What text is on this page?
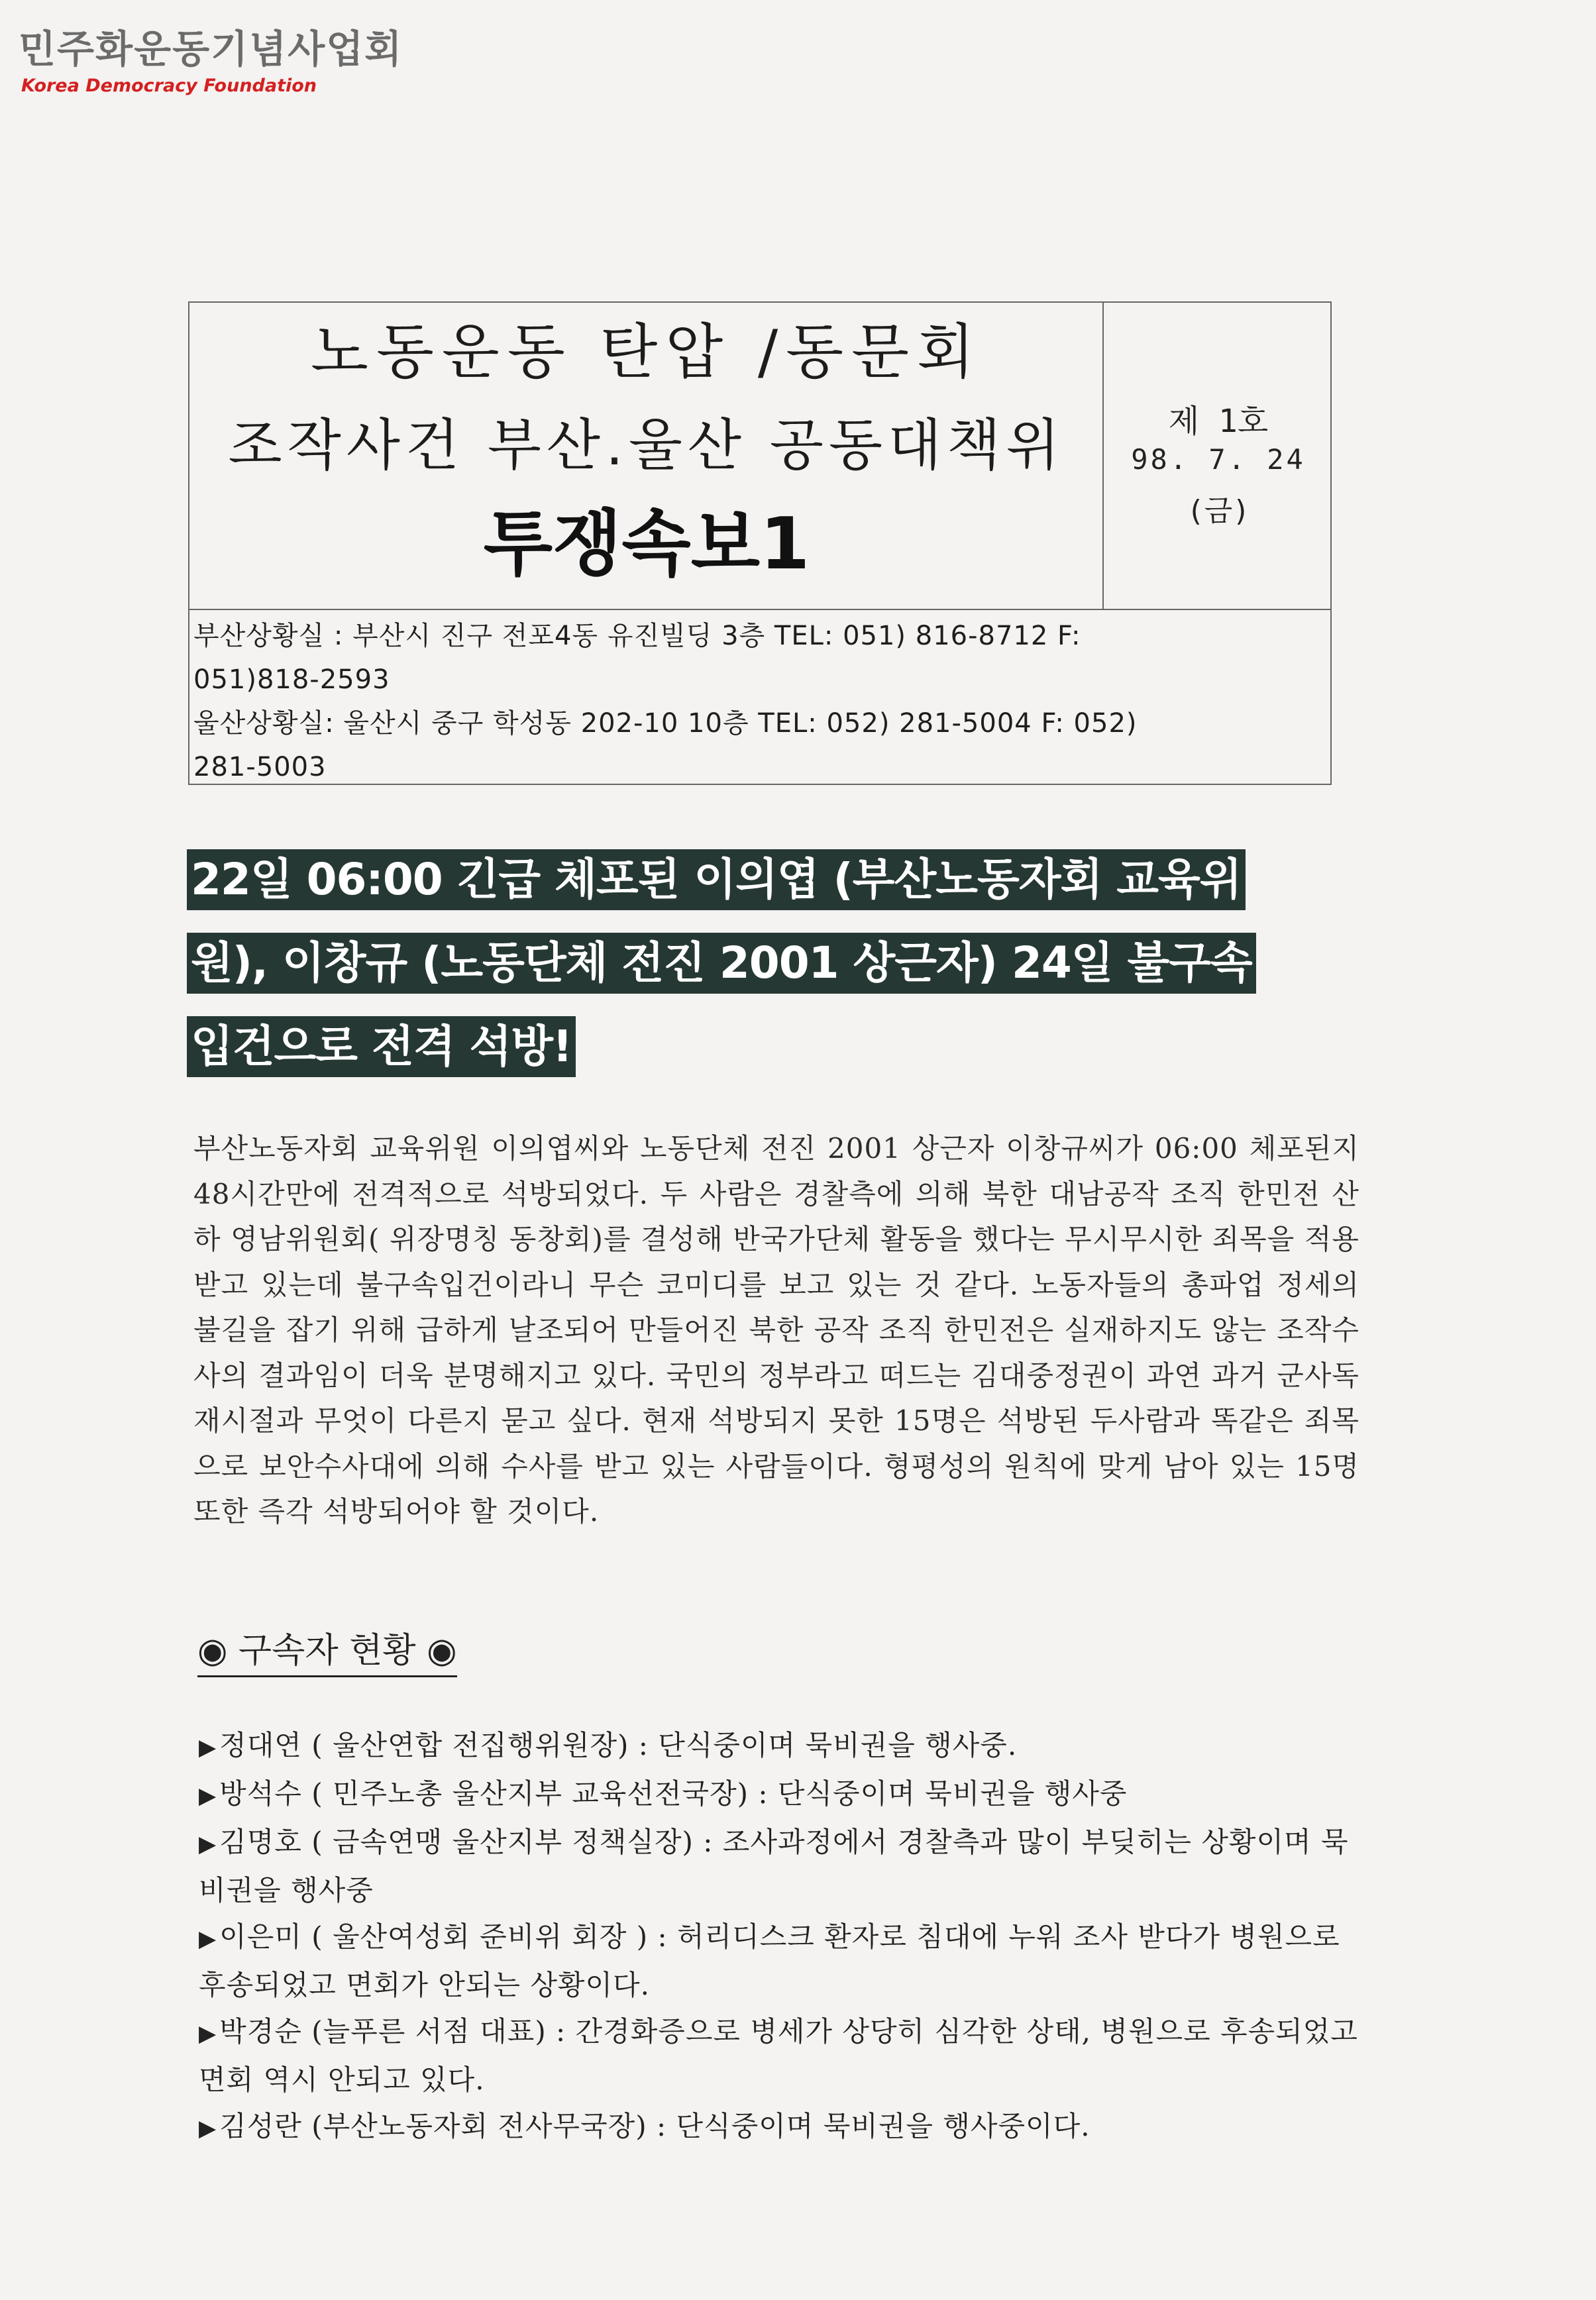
민주화운동기념사업회
Korea Democracy Foundation
노동운동 탄압 /동문회
조작사건 부산.울산 공동대책위
투쟁속보1
제 1호
98. 7. 24
(금)
부산상황실 : 부산시 진구 전포4동 유진빌딩 3층 TEL: 051) 816-8712 F:
051)818-2593
울산상황실: 울산시 중구 학성동 202-10 10층 TEL: 052) 281-5004 F: 052)
281-5003
22일 06:00 긴급 체포된 이의엽 (부산노동자회 교육위
원), 이창규 (노동단체 전진 2001 상근자) 24일 불구속
입건으로 전격 석방!
부산노동자회 교육위원 이의엽씨와 노동단체 전진 2001 상근자 이창규씨가 06:00 체포된지 48시간만에 전격적으로 석방되었다. 두 사람은 경찰측에 의해 북한 대남공작 조직 한민전 산하 영남위원회( 위장명칭 동창회)를 결성해 반국가단체 활동을 했다는 무시무시한 죄목을 적용받고 있는데 불구속입건이라니 무슨 코미디를 보고 있는 것 같다. 노동자들의 총파업 정세의 불길을 잡기 위해 급하게 날조되어 만들어진 북한 공작 조직 한민전은 실재하지도 않는 조작수사의 결과임이 더욱 분명해지고 있다. 국민의 정부라고 떠드는 김대중정권이 과연 과거 군사독재시절과 무엇이 다른지 묻고 싶다. 현재 석방되지 못한 15명은 석방된 두사람과 똑같은 죄목으로 보안수사대에 의해 수사를 받고 있는 사람들이다. 형평성의 원칙에 맞게 남아 있는 15명 또한 즉각 석방되어야 할 것이다.
◉ 구속자 현황 ◉
▶정대연 ( 울산연합 전집행위원장) : 단식중이며 묵비권을 행사중.
▶방석수 ( 민주노총 울산지부 교육선전국장) : 단식중이며 묵비권을 행사중
▶김명호 ( 금속연맹 울산지부 정책실장) : 조사과정에서 경찰측과 많이 부딪히는 상황이며 묵비권을 행사중
▶이은미 ( 울산여성회 준비위 회장 ) : 허리디스크 환자로 침대에 누워 조사 받다가 병원으로 후송되었고 면회가 안되는 상황이다.
▶박경순 (늘푸른 서점 대표) : 간경화증으로 병세가 상당히 심각한 상태, 병원으로 후송되었고 면회 역시 안되고 있다.
▶김성란 (부산노동자회 전사무국장) : 단식중이며 묵비권을 행사중이다.
